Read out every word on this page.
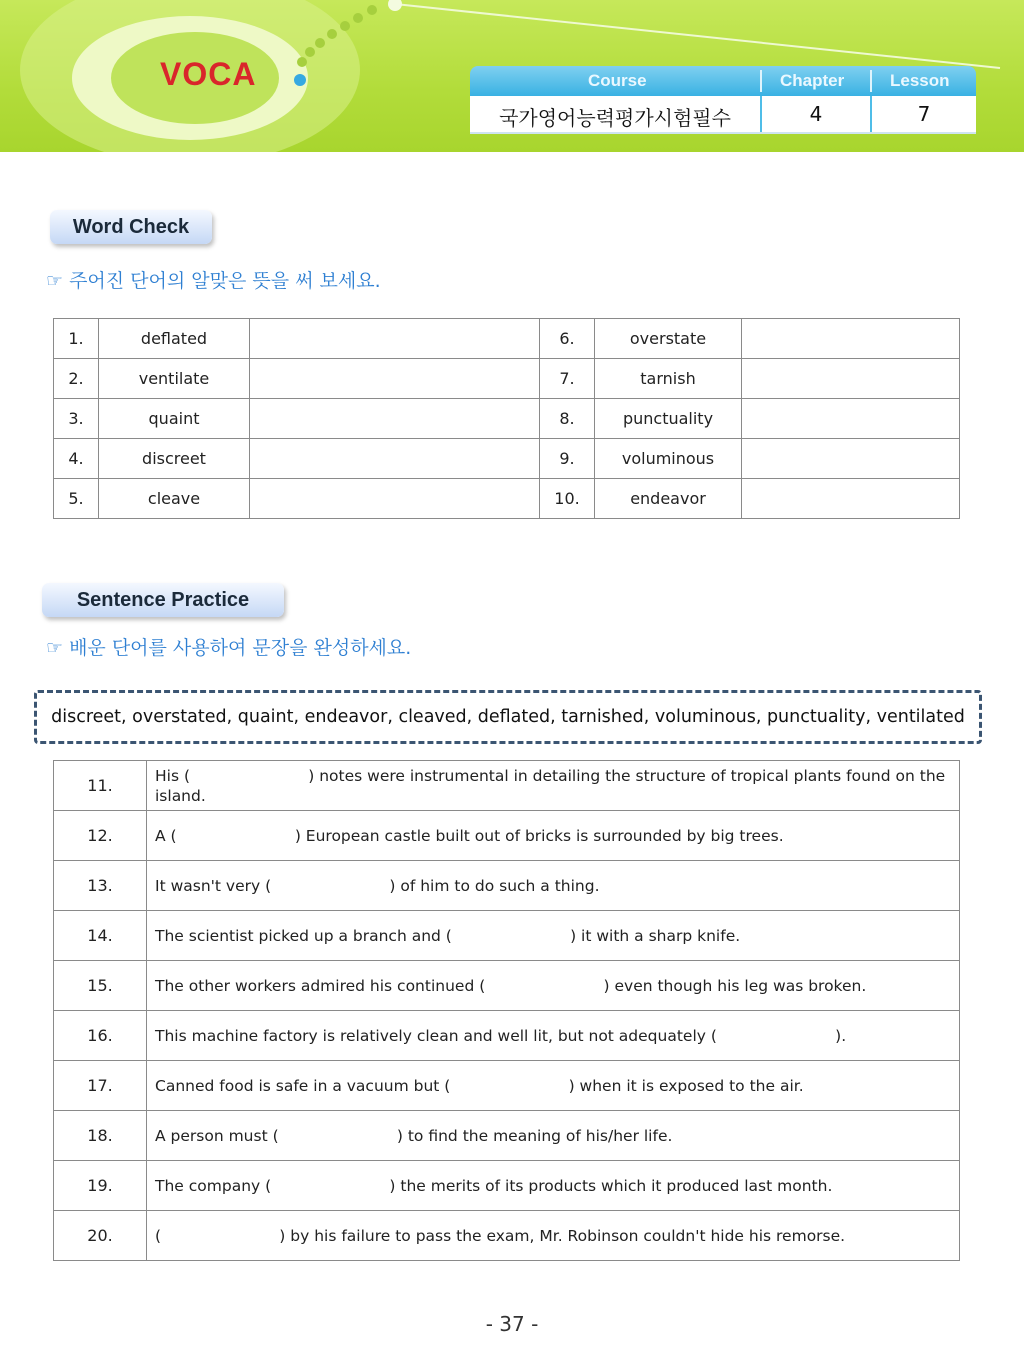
VOCA	Course	Chapter	Lesson
국가영어능력평가시험필수	4	7
Word Check
☞ 주어진 단어의 알맞은 뜻을 써 보세요.
1.	deflated		6.	overstate	
2.	ventilate		7.	tarnish	
3.	quaint		8.	punctuality	
4.	discreet		9.	voluminous	
5.	cleave		10.	endeavor	
Sentence Practice
☞ 배운 단어를 사용하여 문장을 완성하세요.
discreet, overstated, quaint, endeavor, cleaved, deflated, tarnished, voluminous, punctuality, ventilated
11.	His (                        ) notes were instrumental in detailing the structure of tropical plants found on the island.
12.	A (                        ) European castle built out of bricks is surrounded by big trees.
13.	It wasn't very (                        ) of him to do such a thing.
14.	The scientist picked up a branch and (                        ) it with a sharp knife.
15.	The other workers admired his continued (                        ) even though his leg was broken.
16.	This machine factory is relatively clean and well lit, but not adequately (                        ).
17.	Canned food is safe in a vacuum but (                        ) when it is exposed to the air.
18.	A person must (                        ) to find the meaning of his/her life.
19.	The company (                        ) the merits of its products which it produced last month.
20.	(                        ) by his failure to pass the exam, Mr. Robinson couldn't hide his remorse.
- 37 -
